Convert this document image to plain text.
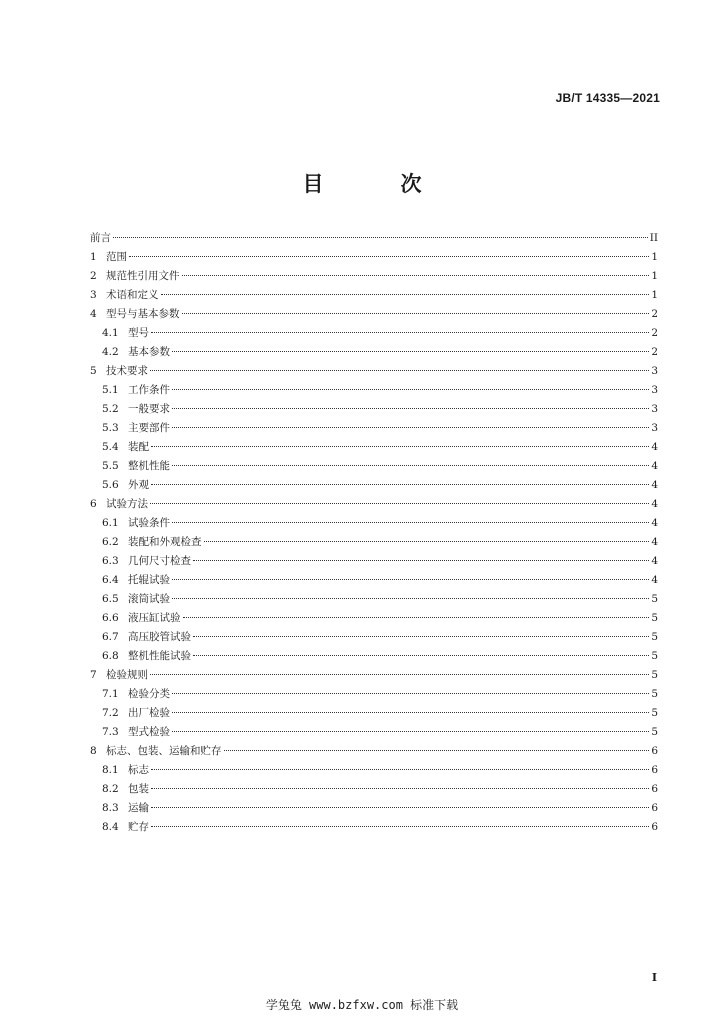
JB/T 14335—2021
目　次
前言	II
1 范围	1
2 规范性引用文件	1
3 术语和定义	1
4 型号与基本参数	2
4.1 型号	2
4.2 基本参数	2
5 技术要求	3
5.1 工作条件	3
5.2 一般要求	3
5.3 主要部件	3
5.4 装配	4
5.5 整机性能	4
5.6 外观	4
6 试验方法	4
6.1 试验条件	4
6.2 装配和外观检查	4
6.3 几何尺寸检查	4
6.4 托辊试验	4
6.5 滚筒试验	5
6.6 液压缸试验	5
6.7 高压胶管试验	5
6.8 整机性能试验	5
7 检验规则	5
7.1 检验分类	5
7.2 出厂检验	5
7.3 型式检验	5
8 标志、包装、运输和贮存	6
8.1 标志	6
8.2 包装	6
8.3 运输	6
8.4 贮存	6
I
学兔兔 www.bzfxw.com 标准下载
